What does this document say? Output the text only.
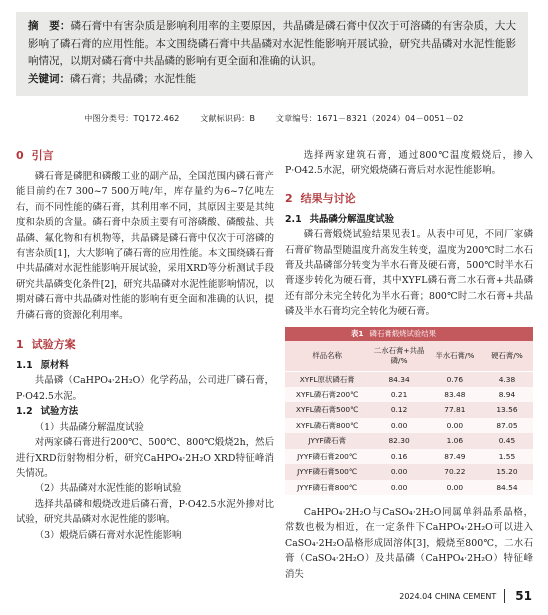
摘　要：磷石膏中有害杂质是影响利用率的主要原因，共晶磷是磷石膏中仅次于可溶磷的有害杂质，大大影响了磷石膏的应用性能。本文围绕磷石膏中共晶磷对水泥性能影响开展试验，研究共晶磷对水泥性能影响情况，以期对磷石膏中共晶磷的影响有更全面和准确的认识。

关键词：磷石膏；共晶磷；水泥性能

中图分类号：TQ172.462	文献标识码：B	文章编号：1671－8321（2024）04－0051－02
0 引言

磷石膏是磷肥和磷酸工业的副产品，全国范围内磷石膏产能目前约在7 300~7 500万吨/年，库存量约为6~7亿吨左右，而不同性能的磷石膏，其利用率不同，其原因主要是其纯度和杂质的含量。磷石膏中杂质主要有可溶磷酸、磷酸盐、共晶磷、氟化物和有机物等，共晶磷是磷石膏中仅次于可溶磷的有害杂质[1]，大大影响了磷石膏的应用性能。本文围绕磷石膏中共晶磷对水泥性能影响开展试验，采用XRD等分析测试手段研究共晶磷变化条件[2]，研究共晶磷对水泥性能影响情况，以期对磷石膏中共晶磷对性能的影响有更全面和准确的认识，提升磷石膏的资源化利用率。

1 试验方案
1.1 原材料

共晶磷（CaHPO₄·2H₂O）化学药品，公司进厂磷石膏，P·O42.5水泥。

1.2 试验方法

（1）共晶磷分解温度试验

对两家磷石膏进行200℃、500℃、800℃煅烧2h，然后进行XRD衍射物相分析，研究CaHPO₄·2H₂O XRD特征峰消失情况。

（2）共晶磷对水泥性能的影响试验

选择共晶磷和煅烧改进后磷石膏，P·O42.5水泥外掺对比试验，研究共晶磷对水泥性能的影响。

（3）煅烧后磷石膏对水泥性能影响

选择两家建筑石膏，通过800℃温度煅烧后，掺入P·O42.5水泥，研究煅烧磷石膏后对水泥性能影响。

2 结果与讨论
2.1 共晶磷分解温度试验

磷石膏煅烧试验结果见表1。从表中可见，不同厂家磷石膏矿物晶型随温度升高发生转变，温度为200℃时二水石膏及共晶磷部分转变为半水石膏及硬石膏，500℃时半水石膏逐步转化为硬石膏，其中XYFL磷石膏二水石膏+共晶磷还有部分未完全转化为半水石膏；800℃时二水石膏+共晶磷及半水石膏均完全转化为硬石膏。

表1 磷石膏煅烧试验结果
样品名称	二水石膏+共晶磷/%	半水石膏/%	硬石膏/%
XYFL原状磷石膏	84.34	0.76	4.38
XYFL磷石膏200℃	0.21	83.48	8.94
XYFL磷石膏500℃	0.12	77.81	13.56
XYFL磷石膏800℃	0.00	0.00	87.05
JYYF磷石膏	82.30	1.06	0.45
JYYF磷石膏200℃	0.16	87.49	1.55
JYYF磷石膏500℃	0.00	70.22	15.20
JYYF磷石膏800℃	0.00	0.00	84.54

CaHPO₄·2H₂O与CaSO₄·2H₂O同属单斜晶系晶格，常数也极为相近，在一定条件下CaHPO₄·2H₂O可以进入CaSO₄·2H₂O晶格形成固溶体[3]，煅烧至800℃，二水石膏（CaSO₄·2H₂O）及共晶磷（CaHPO₄·2H₂O）特征峰消失

2024.04 CHINA CEMENT 51
